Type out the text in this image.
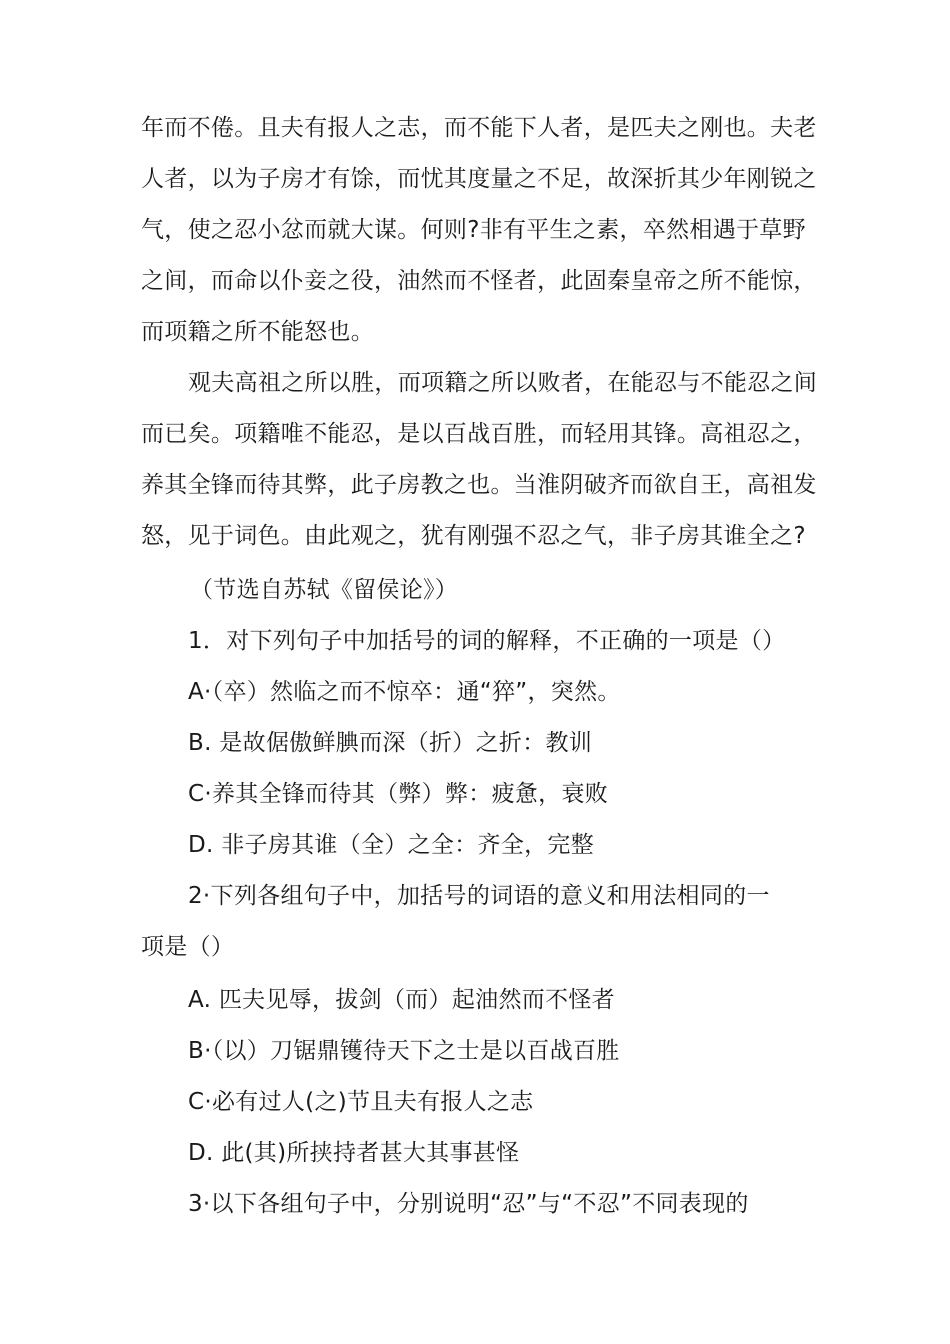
年而不倦。且夫有报人之志，而不能下人者，是匹夫之刚也。夫老
人者，以为子房才有馀，而忧其度量之不足，故深折其少年刚锐之
气，使之忍小忿而就大谋。何则?非有平生之素，卒然相遇于草野
之间，而命以仆妾之役，油然而不怪者，此固秦皇帝之所不能惊，
而项籍之所不能怒也。
观夫高祖之所以胜，而项籍之所以败者，在能忍与不能忍之间
而已矣。项籍唯不能忍，是以百战百胜，而轻用其锋。高祖忍之，
养其全锋而待其弊，此子房教之也。当淮阴破齐而欲自王，高祖发
怒，见于词色。由此观之，犹有刚强不忍之气，非子房其谁全之?
（节选自苏轼《留侯论》）
1．对下列句子中加括号的词的解释，不正确的一项是（）
A·（卒）然临之而不惊卒：通“猝”，突然。
B. 是故倨傲鲜腆而深（折）之折：教训
C·养其全锋而待其（弊）弊：疲惫，衰败
D. 非子房其谁（全）之全：齐全，完整
2·下列各组句子中，加括号的词语的意义和用法相同的一
项是（）
A. 匹夫见辱，拔剑（而）起油然而不怪者
B·（以）刀锯鼎镬待天下之士是以百战百胜
C·必有过人(之)节且夫有报人之志
D. 此(其)所挟持者甚大其事甚怪
3·以下各组句子中，分别说明“忍”与“不忍”不同表现的
